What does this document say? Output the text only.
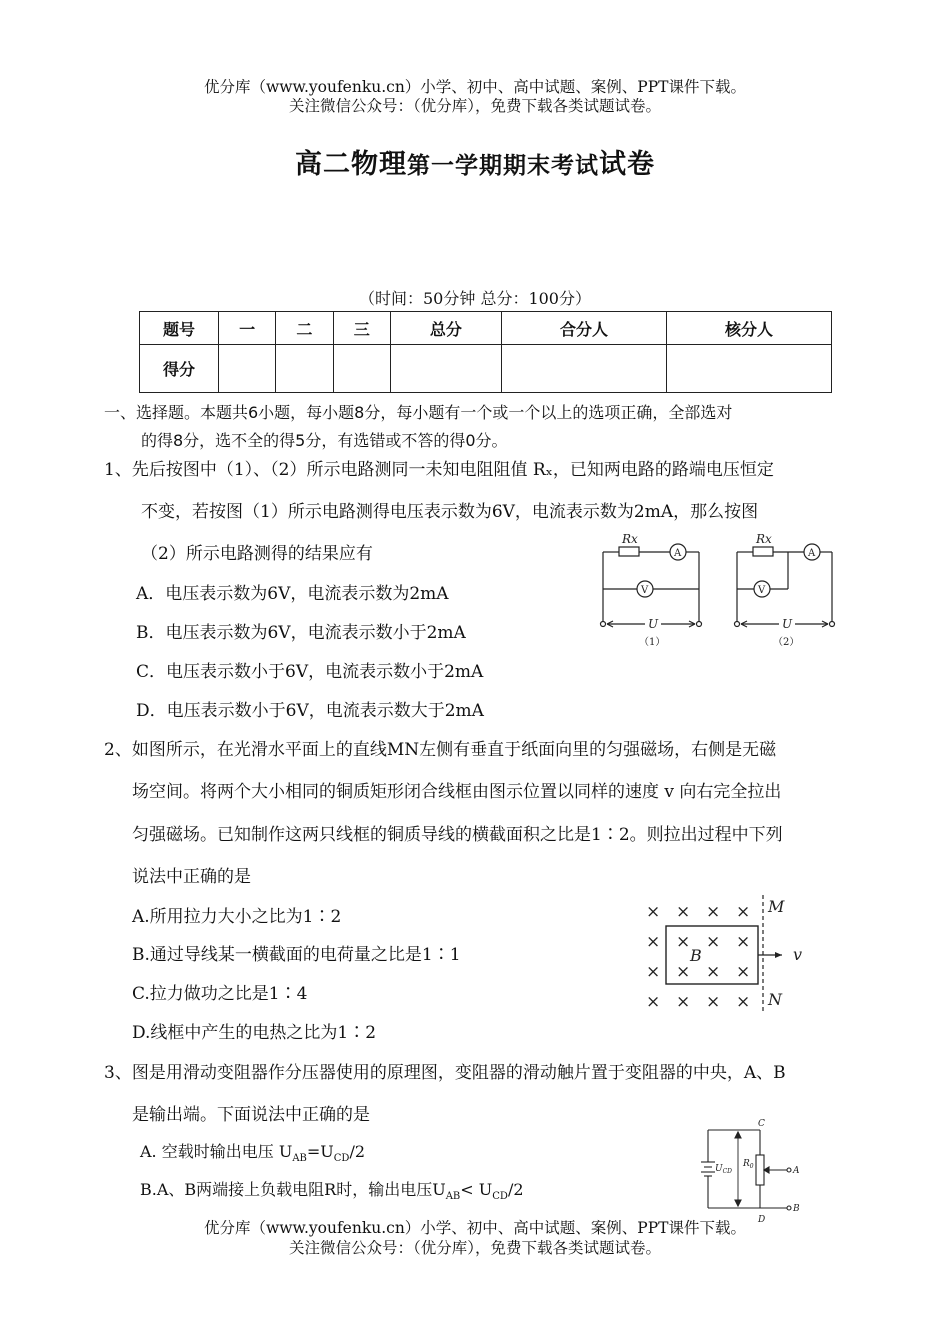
优分库（www.youfenku.cn）小学、初中、高中试题、案例、PPT课件下载。
关注微信公众号：（优分库），免费下载各类试题试卷。
高二物理第一学期期末考试试卷
（时间：50分钟 总分：100分）
题号	一	二	三	总分	合分人	核分人
得分						
一、选择题。本题共6小题，每小题8分，每小题有一个或一个以上的选项正确，全部选对
的得8分，选不全的得5分，有选错或不答的得0分。
1、先后按图中（1）、（2）所示电路测同一未知电阻阻值 Rₓ，已知两电路的路端电压恒定
不变，若按图（1）所示电路测得电压表示数为6V，电流表示数为2mA，那么按图
（2）所示电路测得的结果应有
A．电压表示数为6V，电流表示数为2mA
B．电压表示数为6V，电流表示数小于2mA
C．电压表示数小于6V，电流表示数小于2mA
D．电压表示数小于6V，电流表示数大于2mA
Rx
A
V
U
（1）
Rx
A
V
U
（2）
2、如图所示，在光滑水平面上的直线MN左侧有垂直于纸面向里的匀强磁场，右侧是无磁
场空间。将两个大小相同的铜质矩形闭合线框由图示位置以同样的速度 v 向右完全拉出
匀强磁场。已知制作这两只线框的铜质导线的横截面积之比是1∶2。则拉出过程中下列
说法中正确的是
A.所用拉力大小之比为1∶2
B.通过导线某一横截面的电荷量之比是1∶1
C.拉力做功之比是1∶4
D.线框中产生的电热之比为1∶2
× × × ×
× × × ×
× × × ×
× × × ×
M
N
B	v
3、图是用滑动变阻器作分压器使用的原理图，变阻器的滑动触片置于变阻器的中央，A、B
是输出端。下面说法中正确的是
A. 空载时输出电压 $U_{AB}=U_{CD}/2$
B.A、B两端接上负载电阻R时，输出电压$U_{AB}< U_{CD}/2$
C
D
A
B
$U_{CD}$
$R_0$
优分库（www.youfenku.cn）小学、初中、高中试题、案例、PPT课件下载。
关注微信公众号：（优分库），免费下载各类试题试卷。
